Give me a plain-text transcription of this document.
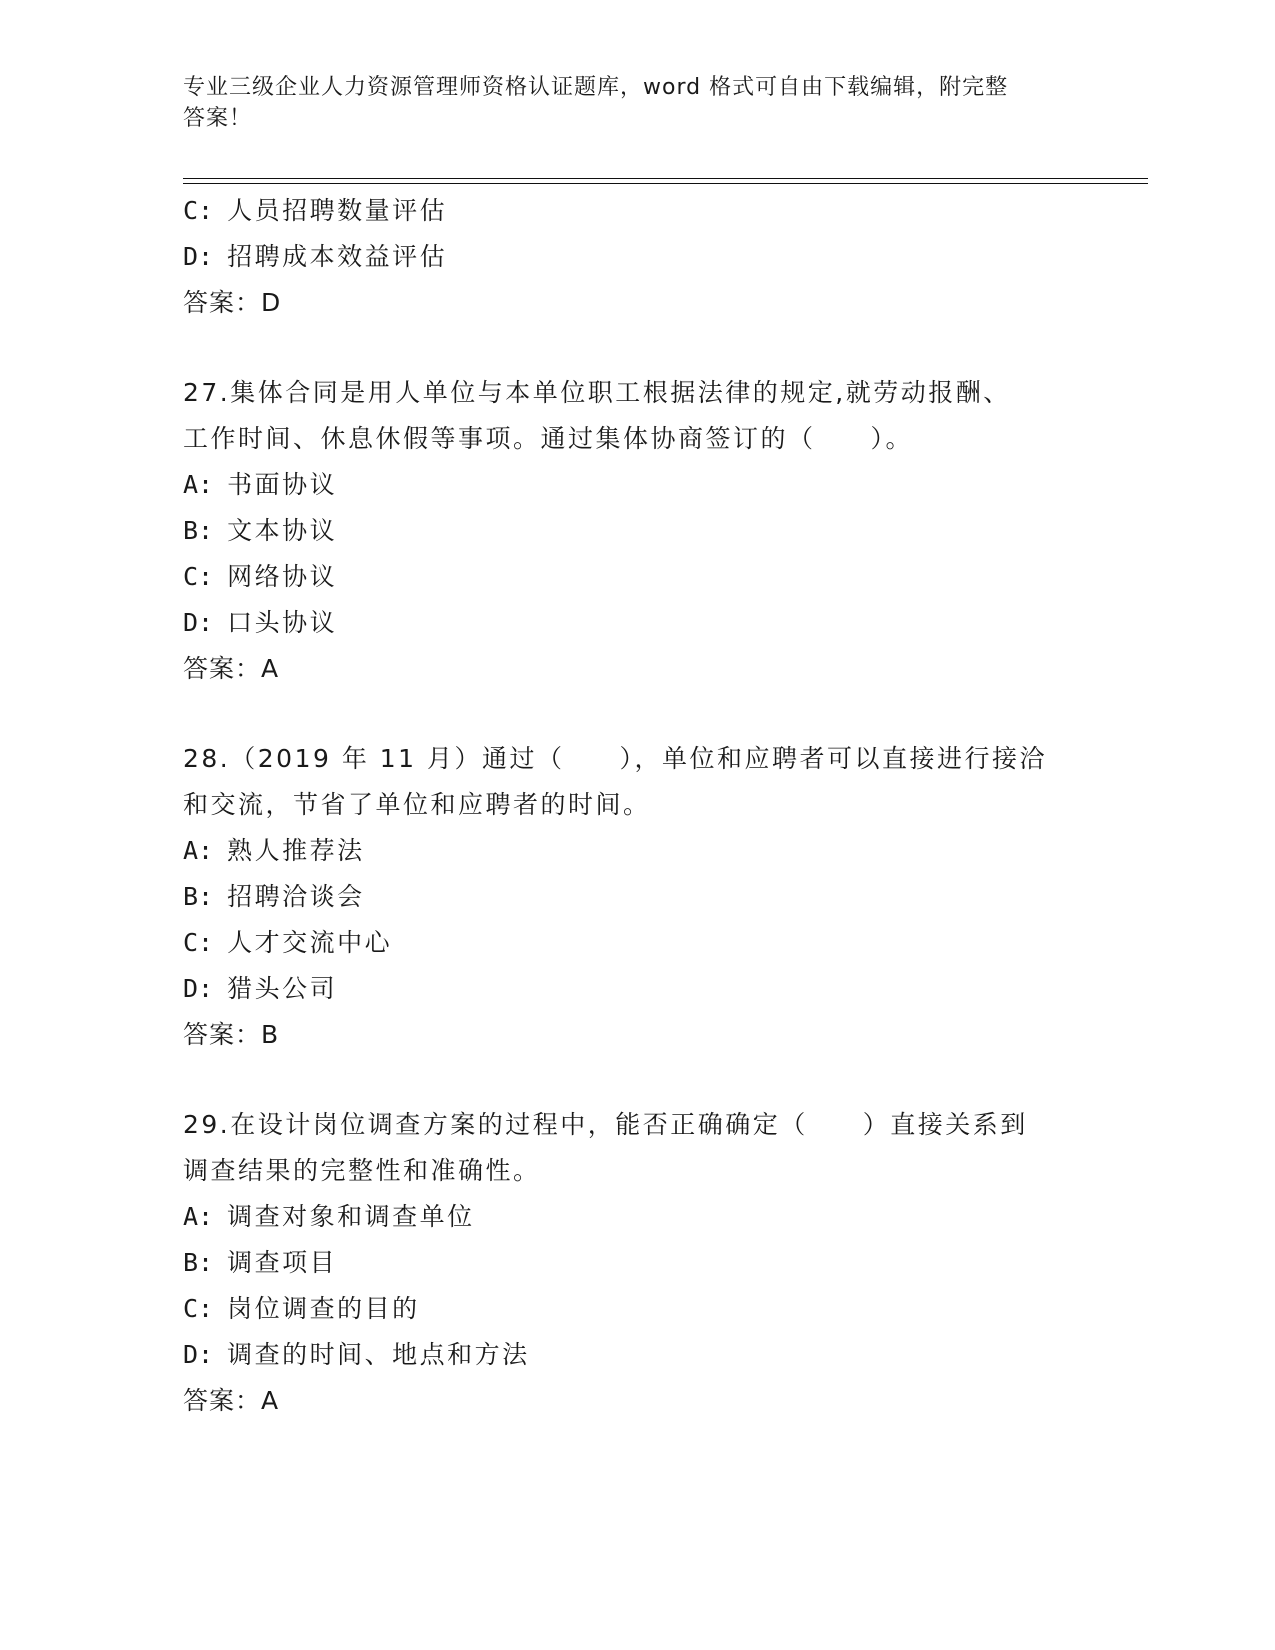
专业三级企业人力资源管理师资格认证题库，word 格式可自由下载编辑，附完整
答案！
C: 人员招聘数量评估
D: 招聘成本效益评估
答案：D
27.集体合同是用人单位与本单位职工根据法律的规定,就劳动报酬、
工作时间、休息休假等事项。通过集体协商签订的（　　）。
A: 书面协议
B: 文本协议
C: 网络协议
D: 口头协议
答案：A
28.（2019 年 11 月）通过（　　），单位和应聘者可以直接进行接洽
和交流，节省了单位和应聘者的时间。
A: 熟人推荐法
B: 招聘洽谈会
C: 人才交流中心
D: 猎头公司
答案：B
29.在设计岗位调查方案的过程中，能否正确确定（　　）直接关系到
调查结果的完整性和准确性。
A: 调查对象和调查单位
B: 调查项目
C: 岗位调查的目的
D: 调查的时间、地点和方法
答案：A
